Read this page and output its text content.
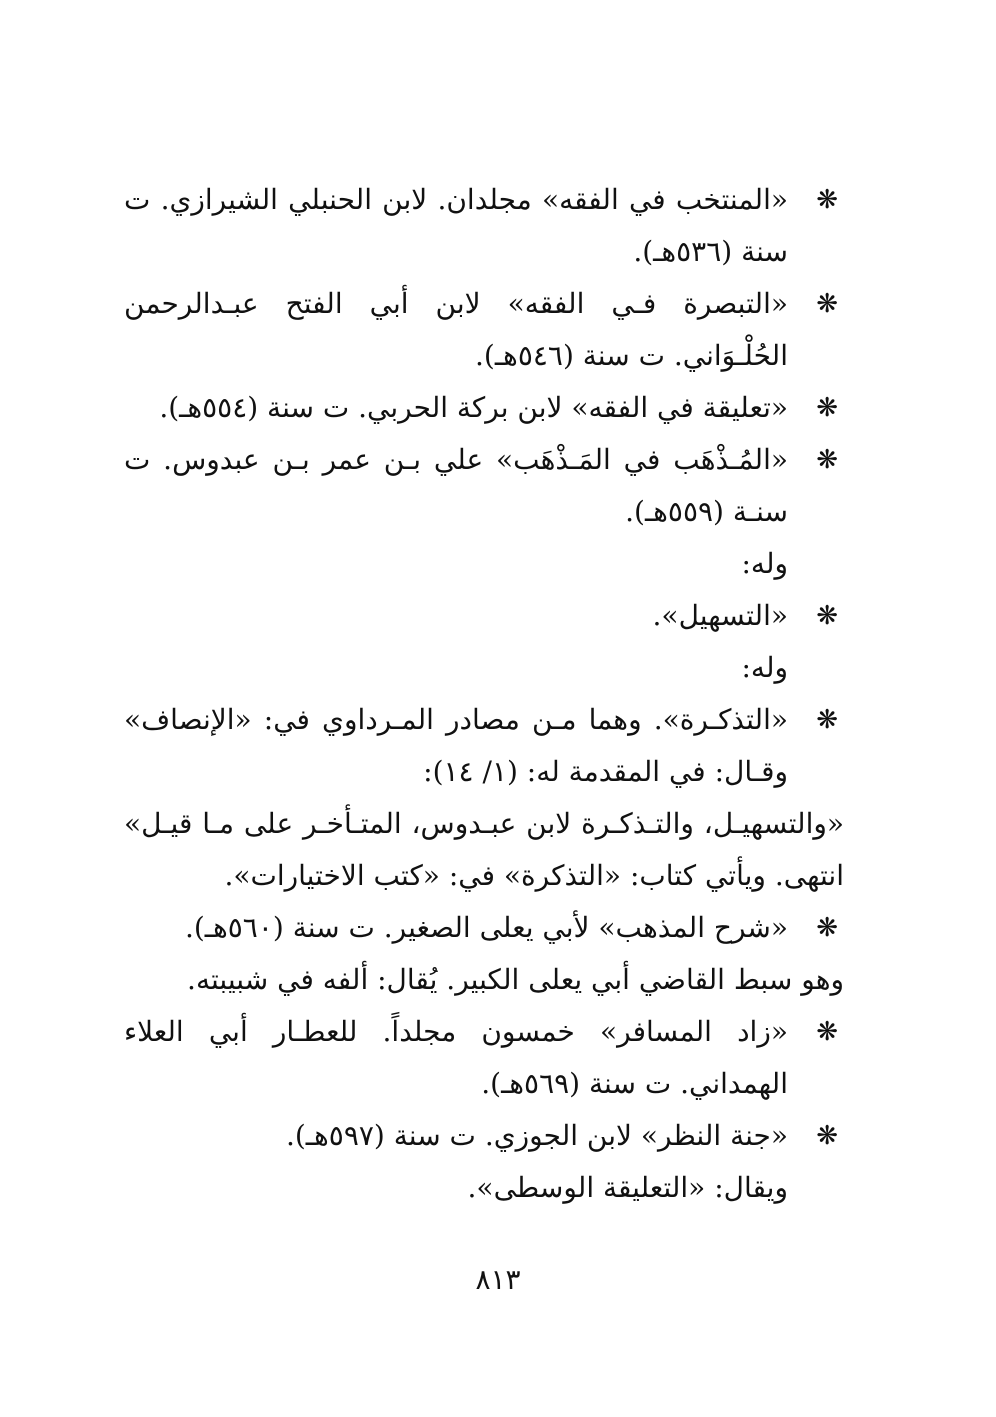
❋
«المنتخب في الفقه» مجلدان. لابن الحنبلي الشيرازي. ت سنة (٥٣٦هـ).
❋
«التبصرة فـي الفقه» لابن أبي الفتح عبـدالرحمن الحُلْـوَاني. ت سنة (٥٤٦هـ).
❋
«تعليقة في الفقه» لابن بركة الحربي. ت سنة (٥٥٤هـ).
❋
«المُـذْهَب في المَـذْهَب» علي بـن عمر بـن عبدوس. ت سنـة (٥٥٩هـ).
وله:
❋
«التسهيل».
وله:
❋
«التذكـرة». وهما مـن مصادر المـرداوي في: «الإنصاف» وقـال: في المقدمة له: (١/ ١٤):
«والتسهيـل، والتـذكـرة لابن عبـدوس، المتـأخـر على مـا قيـل» انتهى. ويأتي كتاب: «التذكرة» في: «كتب الاختيارات».
❋
«شرح المذهب» لأبي يعلى الصغير. ت سنة (٥٦٠هـ).
وهو سبط القاضي أبي يعلى الكبير. يُقال: ألفه في شبيبته.
❋
«زاد المسافر» خمسون مجلداً. للعطـار أبي العلاء الهمداني. ت سنة (٥٦٩هـ).
❋
«جنة النظر» لابن الجوزي. ت سنة (٥٩٧هـ).
ويقال: «التعليقة الوسطى».
٨١٣
